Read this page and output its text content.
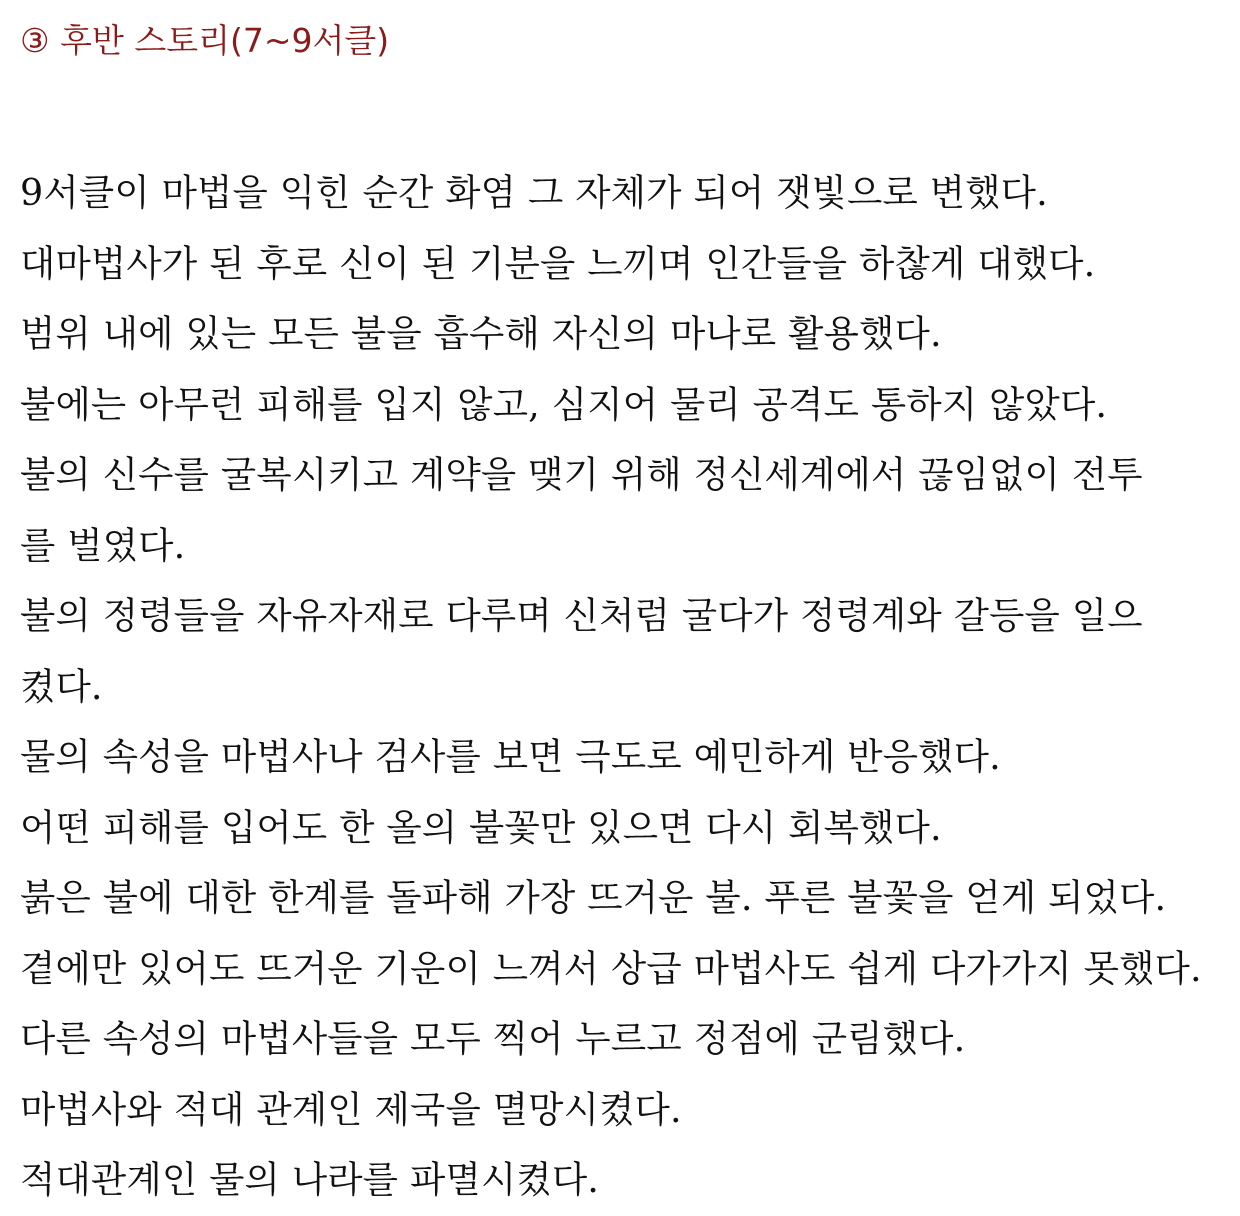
③ 후반 스토리(7~9서클)
9서클이 마법을 익힌 순간 화염 그 자체가 되어 잿빛으로 변했다.
대마법사가 된 후로 신이 된 기분을 느끼며 인간들을 하찮게 대했다.
범위 내에 있는 모든 불을 흡수해 자신의 마나로 활용했다.
불에는 아무런 피해를 입지 않고, 심지어 물리 공격도 통하지 않았다.
불의 신수를 굴복시키고 계약을 맺기 위해 정신세계에서 끊임없이 전투
를 벌였다.
불의 정령들을 자유자재로 다루며 신처럼 굴다가 정령계와 갈등을 일으
켰다.
물의 속성을 마법사나 검사를 보면 극도로 예민하게 반응했다.
어떤 피해를 입어도 한 올의 불꽃만 있으면 다시 회복했다.
붉은 불에 대한 한계를 돌파해 가장 뜨거운 불. 푸른 불꽃을 얻게 되었다.
곁에만 있어도 뜨거운 기운이 느껴서 상급 마법사도 쉽게 다가가지 못했다.
다른 속성의 마법사들을 모두 찍어 누르고 정점에 군림했다.
마법사와 적대 관계인 제국을 멸망시켰다.
적대관계인 물의 나라를 파멸시켰다.
